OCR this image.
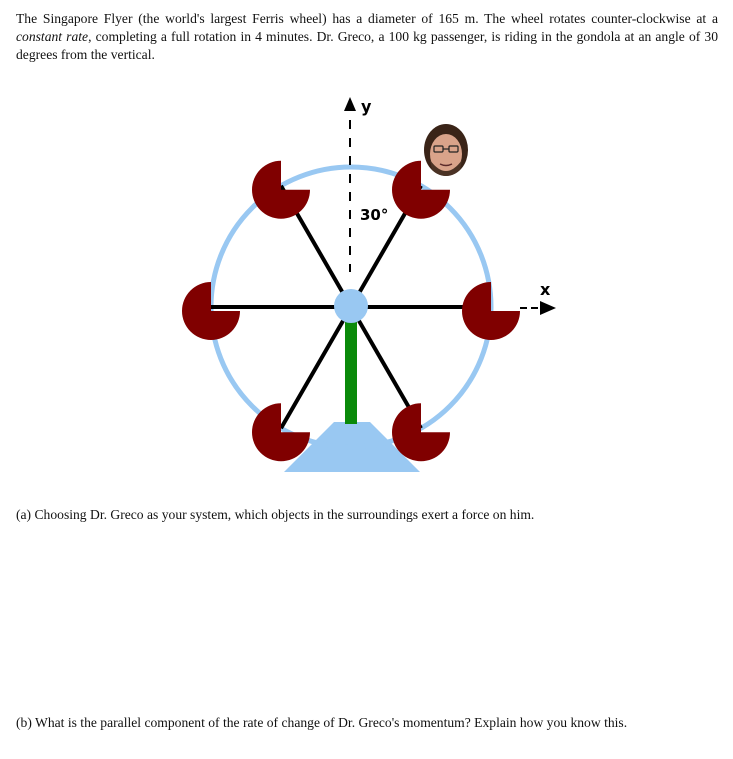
y
x
30°
The Singapore Flyer (the world's largest Ferris wheel) has a diameter of 165 m. The wheel rotates counter-clockwise at a constant rate, completing a full rotation in 4 minutes. Dr. Greco, a 100 kg passenger, is riding in the gondola at an angle of 30 degrees from the vertical.
(a) Choosing Dr. Greco as your system, which objects in the surroundings exert a force on him.
(b) What is the parallel component of the rate of change of Dr. Greco's momentum? Explain how you know this.
